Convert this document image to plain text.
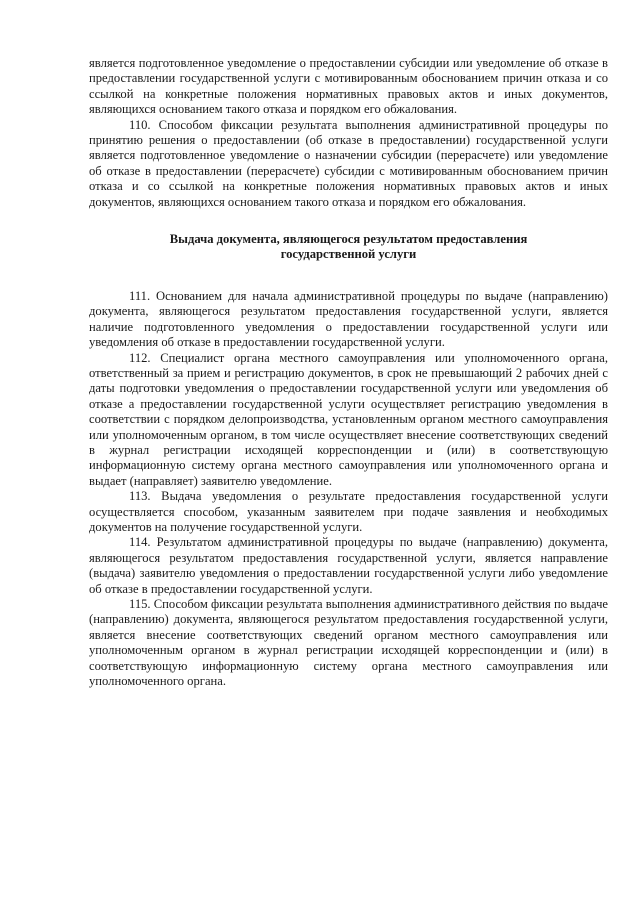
является подготовленное уведомление о предоставлении субсидии или уведомление об отказе в предоставлении государственной услуги с мотивированным обоснованием причин отказа и со ссылкой на конкретные положения нормативных правовых актов и иных документов, являющихся основанием такого отказа и порядком его обжалования.

110. Способом фиксации результата выполнения административной процедуры по принятию решения о предоставлении (об отказе в предоставлении) государственной услуги является подготовленное уведомление о назначении субсидии (перерасчете) или уведомление об отказе в предоставлении (перерасчете) субсидии с мотивированным обоснованием причин отказа и со ссылкой на конкретные положения нормативных правовых актов и иных документов, являющихся основанием такого отказа и порядком его обжалования.

Выдача документа, являющегося результатом предоставления государственной услуги

111. Основанием для начала административной процедуры по выдаче (направлению) документа, являющегося результатом предоставления государственной услуги, является наличие подготовленного уведомления о предоставлении государственной услуги или уведомления об отказе в предоставлении государственной услуги.

112. Специалист органа местного самоуправления или уполномоченного органа, ответственный за прием и регистрацию документов, в срок не превышающий 2 рабочих дней с даты подготовки уведомления о предоставлении государственной услуги или уведомления об отказе а предоставлении государственной услуги осуществляет регистрацию уведомления в соответствии с порядком делопроизводства, установленным органом местного самоуправления или уполномоченным органом, в том числе осуществляет внесение соответствующих сведений в журнал регистрации исходящей корреспонденции и (или) в соответствующую информационную систему органа местного самоуправления или уполномоченного органа и выдает (направляет) заявителю уведомление.

113. Выдача уведомления о результате предоставления государственной услуги осуществляется способом, указанным заявителем при подаче заявления и необходимых документов на получение государственной услуги.

114. Результатом административной процедуры по выдаче (направлению) документа, являющегося результатом предоставления государственной услуги, является направление (выдача) заявителю уведомления о предоставлении государственной услуги либо уведомление об отказе в предоставлении государственной услуги.

115. Способом фиксации результата выполнения административного действия по выдаче (направлению) документа, являющегося результатом предоставления государственной услуги, является внесение соответствующих сведений органом местного самоуправления или уполномоченным органом в журнал регистрации исходящей корреспонденции и (или) в соответствующую информационную систему органа местного самоуправления или уполномоченного органа.
